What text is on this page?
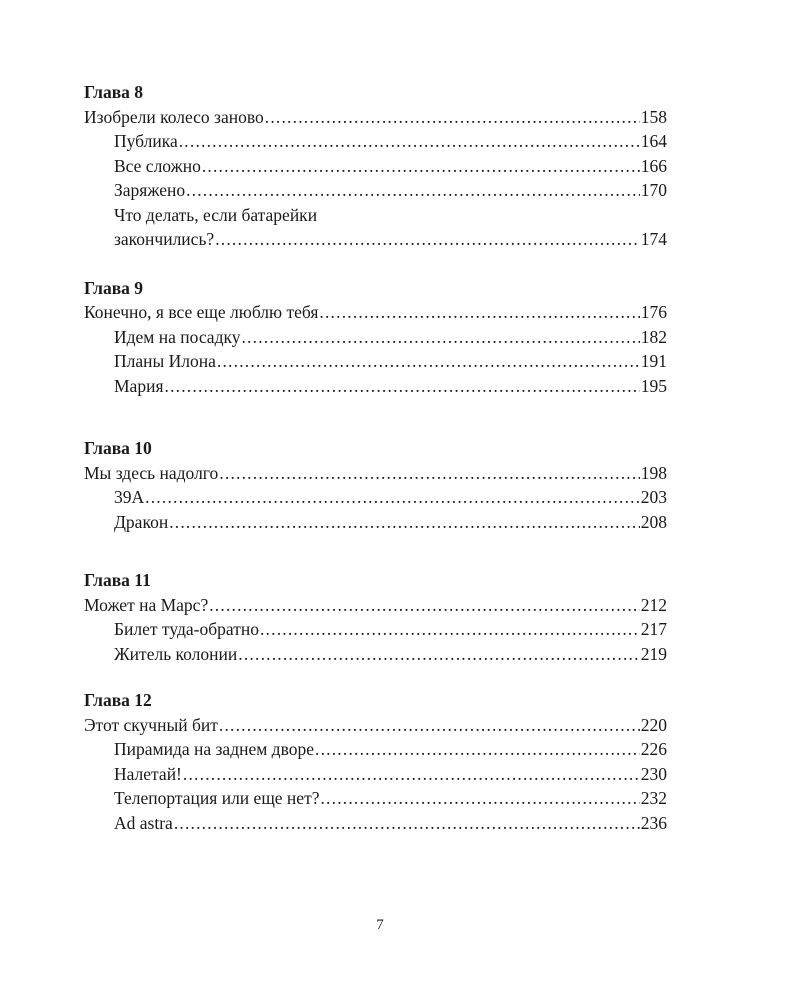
Глава 8
Изобрели колесо заново .....	158
Публика .....	164
Все сложно .....	166
Заряжено .....	170
Что делать, если батарейки
закончились? .....	174
Глава 9
Конечно, я все еще люблю тебя .....	176
Идем на посадку .....	182
Планы Илона .....	191
Мария .....	195
Глава 10
Мы здесь надолго .....	198
39A .....	203
Дракон .....	208
Глава 11
Может на Марс? .....	212
Билет туда-обратно .....	217
Житель колонии .....	219
Глава 12
Этот скучный бит .....	220
Пирамида на заднем дворе .....	226
Налетай! .....	230
Телепортация или еще нет? .....	232
Ad astra .....	236
7
